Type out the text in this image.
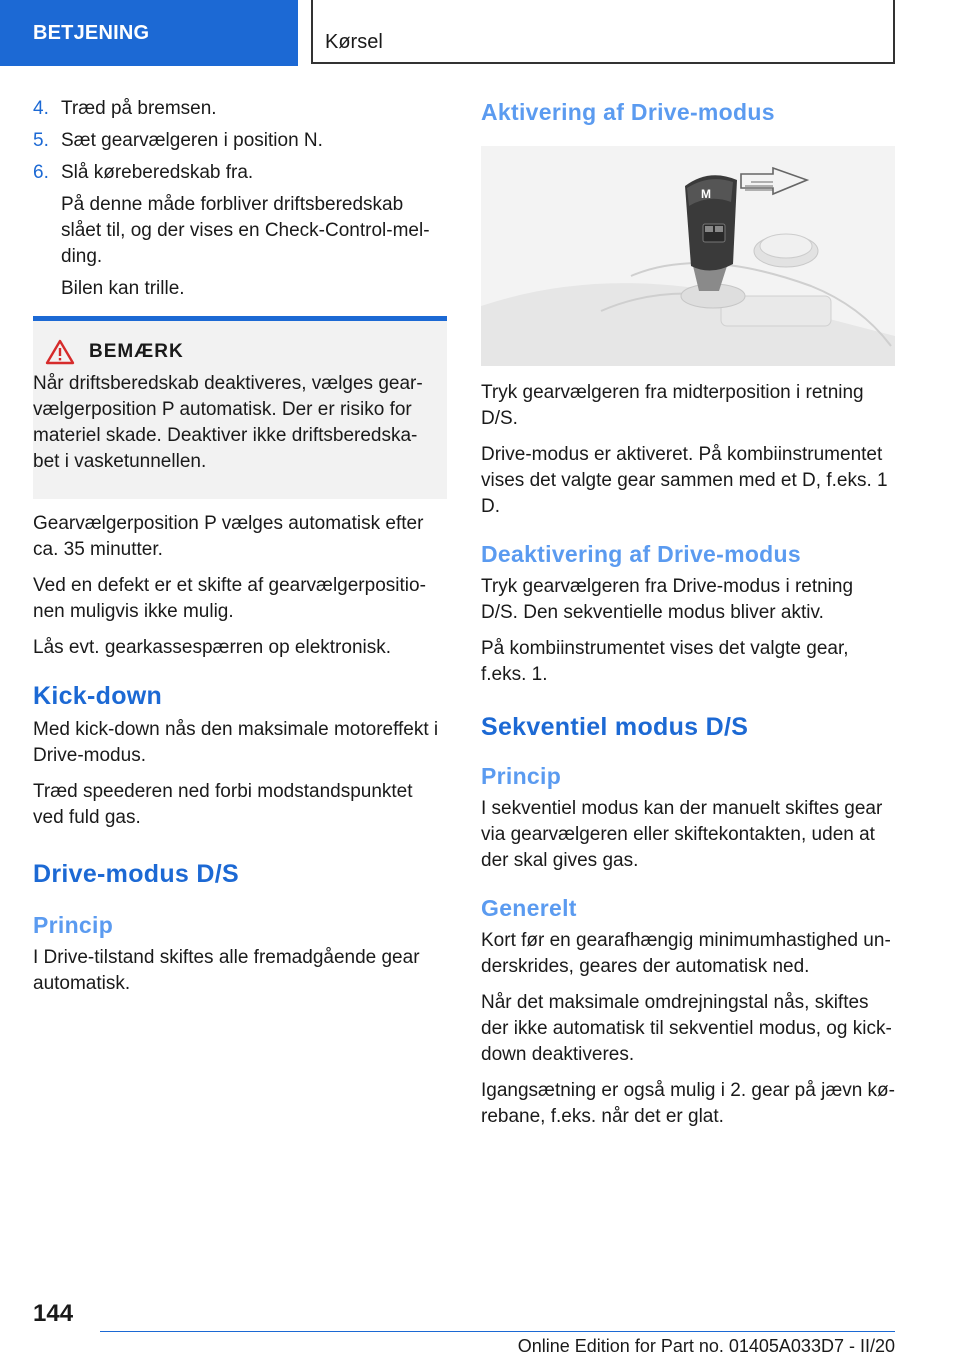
BETJENING	Kørsel
4. Træd på bremsen.
5. Sæt gearvælgeren i position N.
6. Slå køreberedskab fra.

På denne måde forbliver driftsberedskab slået til, og der vises en Check-Control-melding.

Bilen kan trille.

BEMÆRK

Når driftsberedskab deaktiveres, vælges gearvælgerposition P automatisk. Der er risiko for materiel skade. Deaktiver ikke driftsberedskabet i vasketunnellen.

Gearvælgerposition P vælges automatisk efter ca. 35 minutter.

Ved en defekt er et skifte af gearvælgerpositionen muligvis ikke mulig.

Lås evt. gearkassespærren op elektronisk.

Kick-down

Med kick-down nås den maksimale motoreffekt i Drive-modus.

Træd speederen ned forbi modstandspunktet ved fuld gas.

Drive-modus D/S
Princip

I Drive-tilstand skiftes alle fremadgående gear automatisk.

Aktivering af Drive-modus
M

Tryk gearvælgeren fra midterposition i retning D/S.

Drive-modus er aktiveret. På kombiinstrumentet vises det valgte gear sammen med et D, f.eks. 1 D.

Deaktivering af Drive-modus

Tryk gearvælgeren fra Drive-modus i retning D/S. Den sekventielle modus bliver aktiv.

På kombiinstrumentet vises det valgte gear, f.eks. 1.

Sekventiel modus D/S
Princip

I sekventiel modus kan der manuelt skiftes gear via gearvælgeren eller skiftekontakten, uden at der skal gives gas.

Generelt

Kort før en gearafhængig minimumhastighed underskrides, geares der automatisk ned.

Når det maksimale omdrejningstal nås, skiftes der ikke automatisk til sekventiel modus, og kick-down deaktiveres.

Igangsætning er også mulig i 2. gear på jævn kørebane, f.eks. når det er glat.

144
Online Edition for Part no. 01405A033D7 - II/20
